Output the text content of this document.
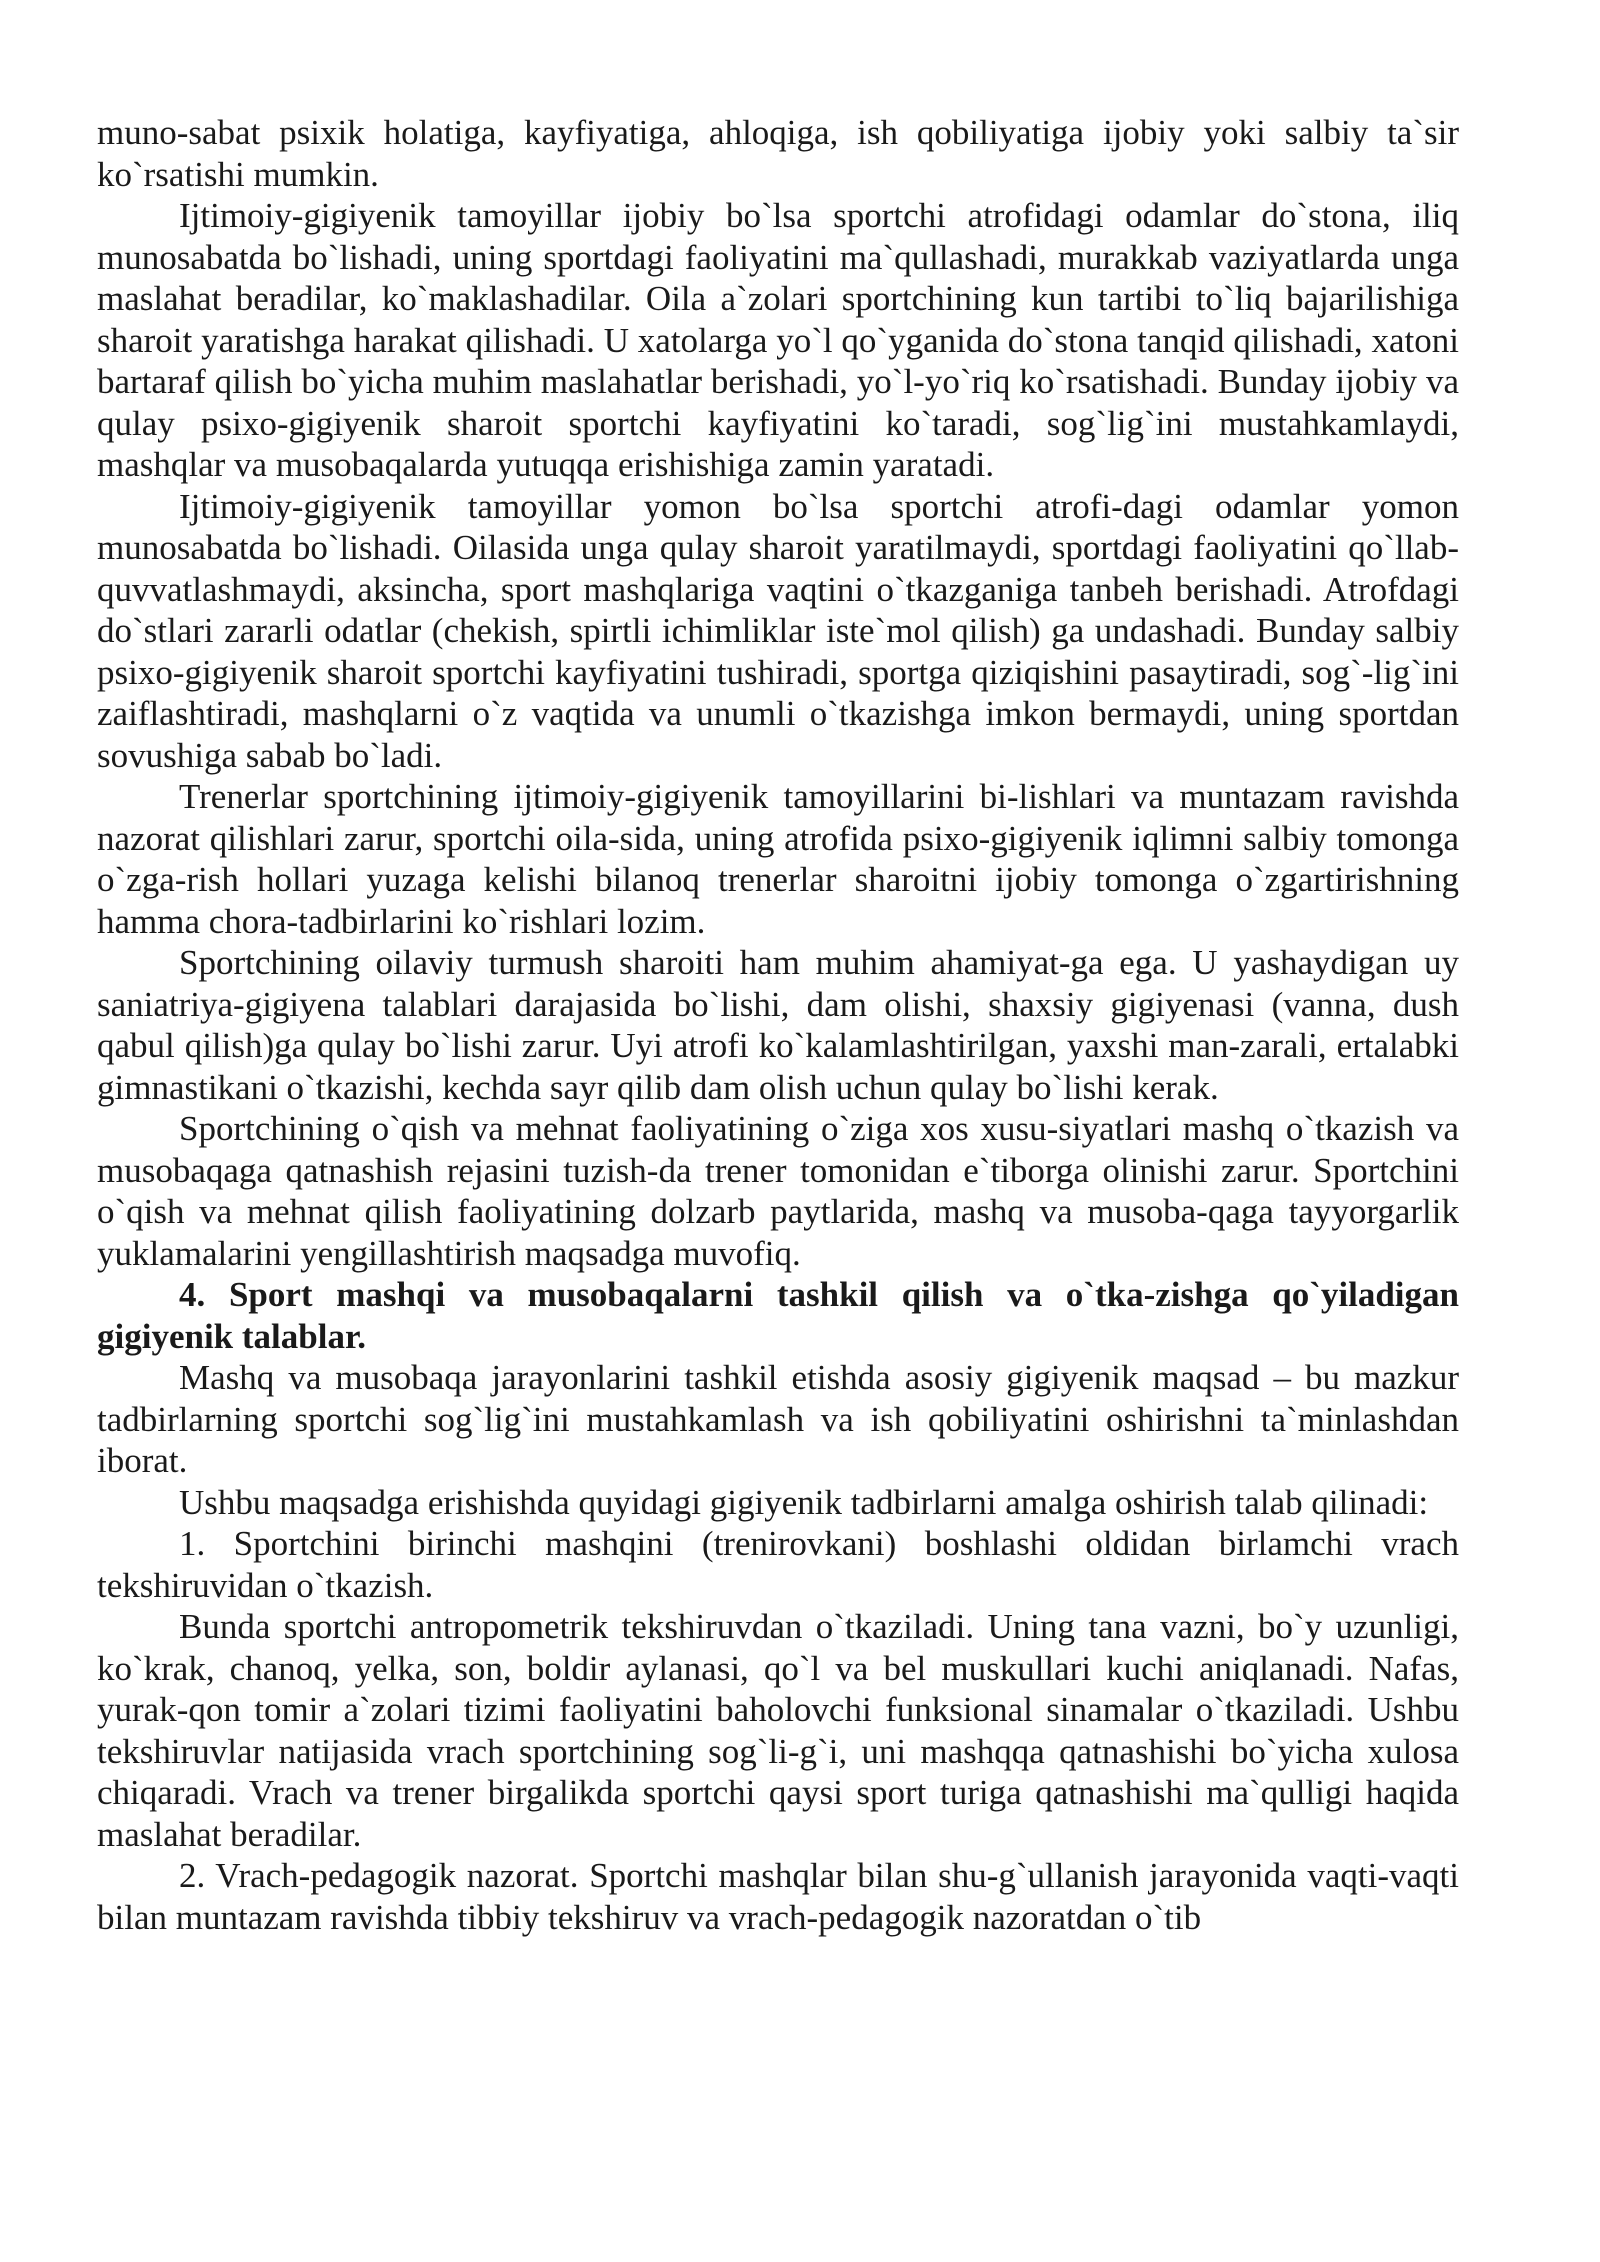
muno-sabat psixik holatiga, kayfiyatiga, ahloqiga, ish qobiliyatiga ijobiy yoki salbiy ta`sir ko`rsatishi mumkin.

Ijtimoiy-gigiyenik tamoyillar ijobiy bo`lsa sportchi atrofidagi odamlar do`stona, iliq munosabatda bo`lishadi, uning sportdagi faoliyatini ma`qullashadi, murakkab vaziyatlarda unga maslahat beradilar, ko`maklashadilar. Oila a`zolari sportchining kun tartibi to`liq bajarilishiga sharoit yaratishga harakat qilishadi. U xatolarga yo`l qo`yganida do`stona tanqid qilishadi, xatoni bartaraf qilish bo`yicha muhim maslahatlar berishadi, yo`l-yo`riq ko`rsatishadi. Bunday ijobiy va qulay psixo-gigiyenik sharoit sportchi kayfiyatini ko`taradi, sog`lig`ini mustahkamlaydi, mashqlar va musobaqalarda yutuqqa erishishiga zamin yaratadi.

Ijtimoiy-gigiyenik tamoyillar yomon bo`lsa sportchi atrofi-dagi odamlar yomon munosabatda bo`lishadi. Oilasida unga qulay sharoit yaratilmaydi, sportdagi faoliyatini qo`llab-quvvatlashmaydi, aksincha, sport mashqlariga vaqtini o`tkazganiga tanbeh berishadi. Atrofdagi do`stlari zararli odatlar (chekish, spirtli ichimliklar iste`mol qilish) ga undashadi. Bunday salbiy psixo-gigiyenik sharoit sportchi kayfiyatini tushiradi, sportga qiziqishini pasaytiradi, sog`-lig`ini zaiflashtiradi, mashqlarni o`z vaqtida va unumli o`tkazishga imkon bermaydi, uning sportdan sovushiga sabab bo`ladi.

Trenerlar sportchining ijtimoiy-gigiyenik tamoyillarini bi-lishlari va muntazam ravishda nazorat qilishlari zarur, sportchi oila-sida, uning atrofida psixo-gigiyenik iqlimni salbiy tomonga o`zga-rish hollari yuzaga kelishi bilanoq trenerlar sharoitni ijobiy tomonga o`zgartirishning hamma chora-tadbirlarini ko`rishlari lozim.

Sportchining oilaviy turmush sharoiti ham muhim ahamiyat-ga ega. U yashaydigan uy saniatriya-gigiyena talablari darajasida bo`lishi, dam olishi, shaxsiy gigiyenasi (vanna, dush qabul qilish)ga qulay bo`lishi zarur. Uyi atrofi ko`kalamlashtirilgan, yaxshi man-zarali, ertalabki gimnastikani o`tkazishi, kechda sayr qilib dam olish uchun qulay bo`lishi kerak.

Sportchining o`qish va mehnat faoliyatining o`ziga xos xusu-siyatlari mashq o`tkazish va musobaqaga qatnashish rejasini tuzish-da trener tomonidan e`tiborga olinishi zarur. Sportchini o`qish va mehnat qilish faoliyatining dolzarb paytlarida, mashq va musoba-qaga tayyorgarlik yuklamalarini yengillashtirish maqsadga muvofiq.

4. Sport mashqi va musobaqalarni tashkil qilish va o`tka-zishga qo`yiladigan gigiyenik talablar.

Mashq va musobaqa jarayonlarini tashkil etishda asosiy gigiyenik maqsad – bu mazkur tadbirlarning sportchi sog`lig`ini mustahkamlash va ish qobiliyatini oshirishni ta`minlashdan iborat.

Ushbu maqsadga erishishda quyidagi gigiyenik tadbirlarni amalga oshirish talab qilinadi:

1. Sportchini birinchi mashqini (trenirovkani) boshlashi oldidan birlamchi vrach tekshiruvidan o`tkazish.

Bunda sportchi antropometrik tekshiruvdan o`tkaziladi. Uning tana vazni, bo`y uzunligi, ko`krak, chanoq, yelka, son, boldir aylanasi, qo`l va bel muskullari kuchi aniqlanadi. Nafas, yurak-qon tomir a`zolari tizimi faoliyatini baholovchi funksional sinamalar o`tkaziladi. Ushbu tekshiruvlar natijasida vrach sportchining sog`li-g`i, uni mashqqa qatnashishi bo`yicha xulosa chiqaradi. Vrach va trener birgalikda sportchi qaysi sport turiga qatnashishi ma`qulligi haqida maslahat beradilar.

2. Vrach-pedagogik nazorat. Sportchi mashqlar bilan shu-g`ullanish jarayonida vaqti-vaqti bilan muntazam ravishda tibbiy tekshiruv va vrach-pedagogik nazoratdan o`tib
